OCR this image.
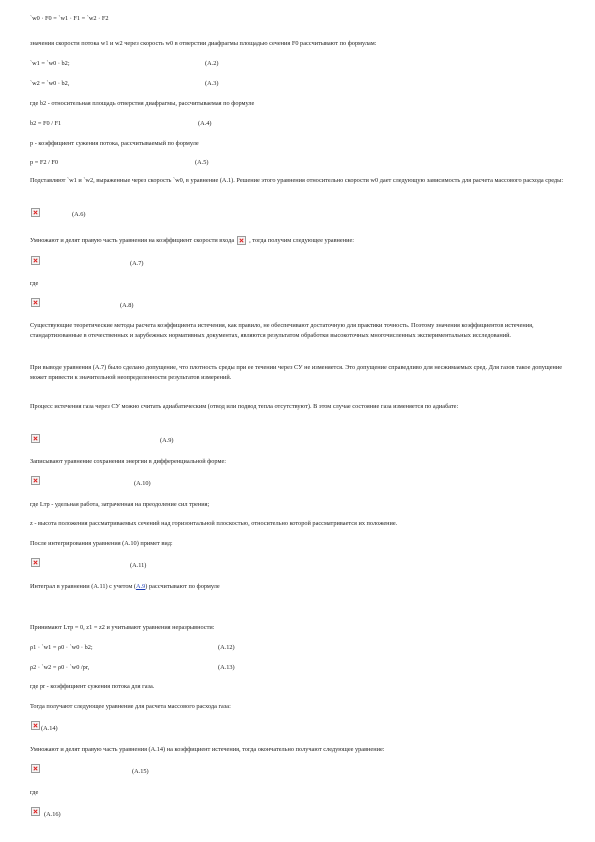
`w0 · F0 = `w1 · F1 = `w2 · F2
значения скорости потока w1 и w2 через скорость w0 в отверстии диафрагмы площадью сечения F0 рассчитывают по формулам:
`w1 = `w0 · b2;	(A.2)
`w2 = `w0 · b2,	(A.3)
где b2 - относительная площадь отверстия диафрагмы, рассчитываемая по формуле
b2 = F0 / F1	(A.4)
p - коэффициент сужения потока, рассчитываемый по формуле
p = F2 / F0	(A.5)
Подставляют `w1 и `w2, выраженные через скорость `w0, в уравнение (A.1). Решение этого уравнения относительно скорости w0 дает следующую зависимость для расчета массового расхода среды:
(A.6)
Умножают и делят правую часть уравнения на коэффициент скорости входа , тогда получим следующее уравнение:
(A.7)
где
(A.8)
Существующие теоретические методы расчета коэффициента истечения, как правило, не обеспечивают достаточную для практики точность. Поэтому значения коэффициентов истечения, стандартизованные в отечественных и зарубежных нормативных документах, являются результатом обработки высокоточных многочисленных экспериментальных исследований.
При выводе уравнения (A.7) было сделано допущение, что плотность среды при ее течении через СУ не изменяется. Это допущение справедливо для несжимаемых сред. Для газов такое допущение может привести к значительной неопределенности результатов измерений.
Процесс истечения газа через СУ можно считать адиабатическим (отвод или подвод тепла отсутствуют). В этом случае состояние газа изменяется по адиабате:
(A.9)
Записывают уравнение сохранения энергии в дифференциальной форме:
(A.10)
где Lтр - удельная работа, затраченная на преодоление сил трения;
z - высота положения рассматриваемых сечений над горизонтальной плоскостью, относительно которой рассматривается их положение.
После интегрирования уравнения (A.10) примет вид:
(A.11)
Интеграл в уравнении (A.11) с учетом (A.9) рассчитывают по формуле
Принимают Lтр = 0, z1 = z2 и учитывают уравнения неразрывности:
ρ1 · `w1 = ρ0 · `w0 · b2;	(A.12)
ρ2 · `w2 = ρ0 · `w0 /pr,	(A.13)
где pr - коэффициент сужения потока для газа.
Тогда получают следующее уравнение для расчета массового расхода газа:
(A.14)
Умножают и делят правую часть уравнения (A.14) на коэффициент истечения, тогда окончательно получают следующее уравнение:
(A.15)
где
(A.16)
